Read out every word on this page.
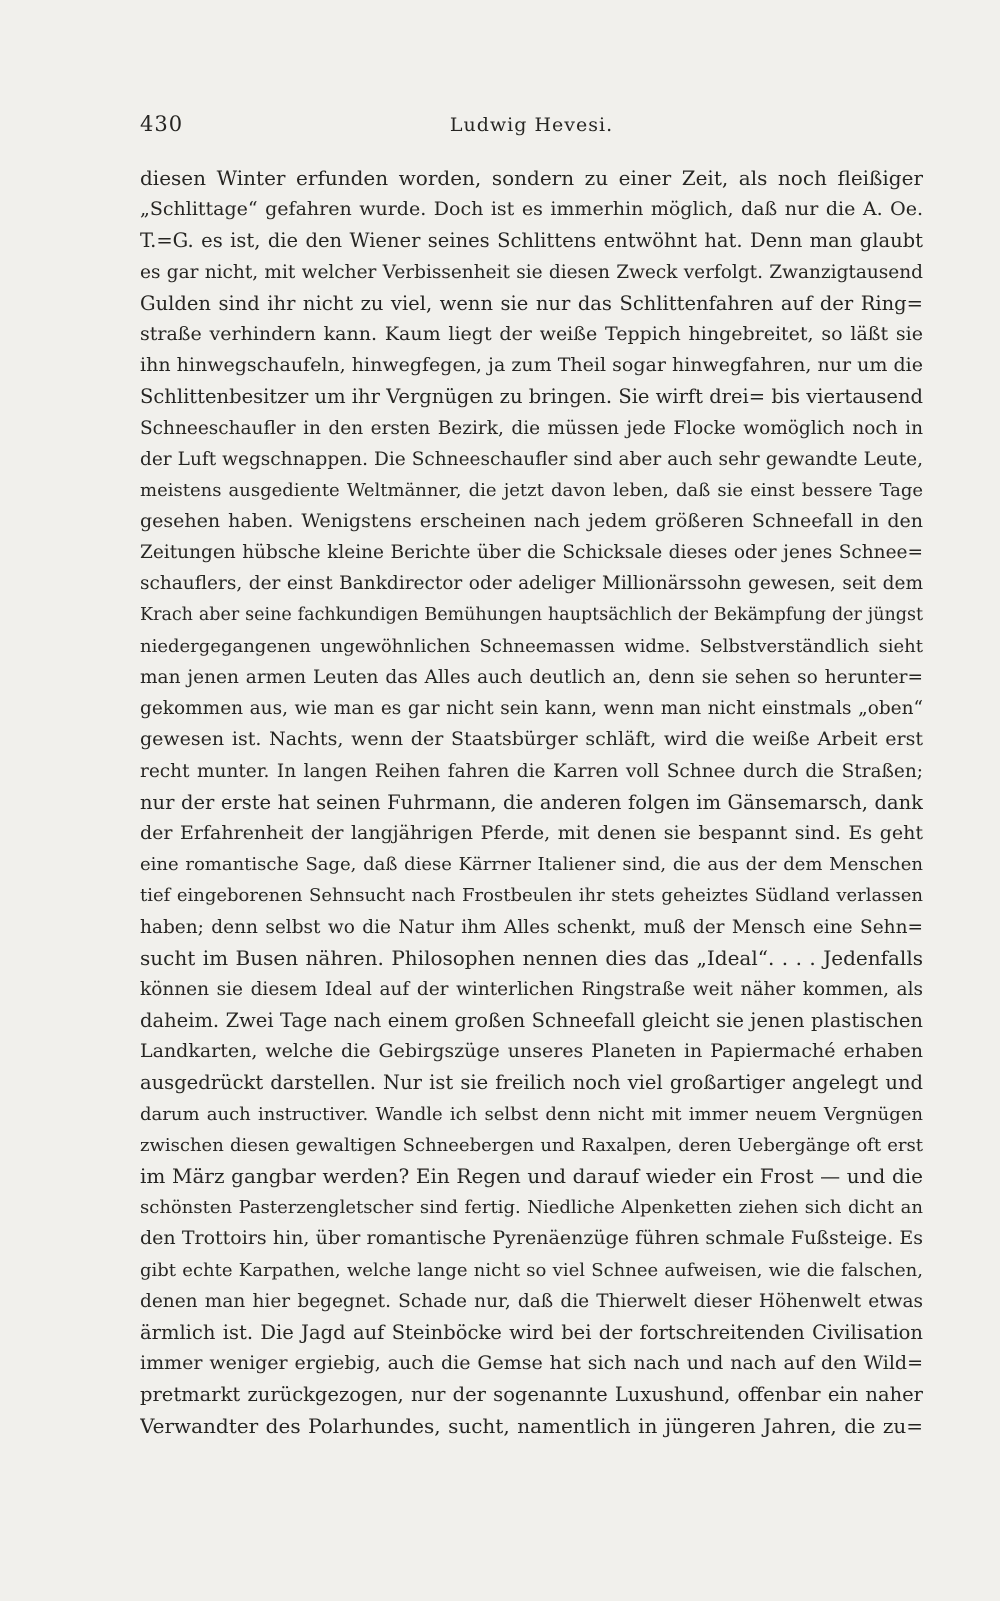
430	Ludwig Hevesi.
diesen Winter erfunden worden, sondern zu einer Zeit, als noch fleißiger
„Schlittage“ gefahren wurde. Doch ist es immerhin möglich, daß nur die A. Oe.
T.=G. es ist, die den Wiener seines Schlittens entwöhnt hat. Denn man glaubt
es gar nicht, mit welcher Verbissenheit sie diesen Zweck verfolgt. Zwanzigtausend
Gulden sind ihr nicht zu viel, wenn sie nur das Schlittenfahren auf der Ring=
straße verhindern kann. Kaum liegt der weiße Teppich hingebreitet, so läßt sie
ihn hinwegschaufeln, hinwegfegen, ja zum Theil sogar hinwegfahren, nur um die
Schlittenbesitzer um ihr Vergnügen zu bringen. Sie wirft drei= bis viertausend
Schneeschaufler in den ersten Bezirk, die müssen jede Flocke womöglich noch in
der Luft wegschnappen. Die Schneeschaufler sind aber auch sehr gewandte Leute,
meistens ausgediente Weltmänner, die jetzt davon leben, daß sie einst bessere Tage
gesehen haben. Wenigstens erscheinen nach jedem größeren Schneefall in den
Zeitungen hübsche kleine Berichte über die Schicksale dieses oder jenes Schnee=
schauflers, der einst Bankdirector oder adeliger Millionärssohn gewesen, seit dem
Krach aber seine fachkundigen Bemühungen hauptsächlich der Bekämpfung der jüngst
niedergegangenen ungewöhnlichen Schneemassen widme. Selbstverständlich sieht
man jenen armen Leuten das Alles auch deutlich an, denn sie sehen so herunter=
gekommen aus, wie man es gar nicht sein kann, wenn man nicht einstmals „oben“
gewesen ist. Nachts, wenn der Staatsbürger schläft, wird die weiße Arbeit erst
recht munter. In langen Reihen fahren die Karren voll Schnee durch die Straßen;
nur der erste hat seinen Fuhrmann, die anderen folgen im Gänsemarsch, dank
der Erfahrenheit der langjährigen Pferde, mit denen sie bespannt sind. Es geht
eine romantische Sage, daß diese Kärrner Italiener sind, die aus der dem Menschen
tief eingeborenen Sehnsucht nach Frostbeulen ihr stets geheiztes Südland verlassen
haben; denn selbst wo die Natur ihm Alles schenkt, muß der Mensch eine Sehn=
sucht im Busen nähren. Philosophen nennen dies das „Ideal“. . . . Jedenfalls
können sie diesem Ideal auf der winterlichen Ringstraße weit näher kommen, als
daheim. Zwei Tage nach einem großen Schneefall gleicht sie jenen plastischen
Landkarten, welche die Gebirgszüge unseres Planeten in Papiermaché erhaben
ausgedrückt darstellen. Nur ist sie freilich noch viel großartiger angelegt und
darum auch instructiver. Wandle ich selbst denn nicht mit immer neuem Vergnügen
zwischen diesen gewaltigen Schneebergen und Raxalpen, deren Uebergänge oft erst
im März gangbar werden? Ein Regen und darauf wieder ein Frost — und die
schönsten Pasterzengletscher sind fertig. Niedliche Alpenketten ziehen sich dicht an
den Trottoirs hin, über romantische Pyrenäenzüge führen schmale Fußsteige. Es
gibt echte Karpathen, welche lange nicht so viel Schnee aufweisen, wie die falschen,
denen man hier begegnet. Schade nur, daß die Thierwelt dieser Höhenwelt etwas
ärmlich ist. Die Jagd auf Steinböcke wird bei der fortschreitenden Civilisation
immer weniger ergiebig, auch die Gemse hat sich nach und nach auf den Wild=
pretmarkt zurückgezogen, nur der sogenannte Luxushund, offenbar ein naher
Verwandter des Polarhundes, sucht, namentlich in jüngeren Jahren, die zu=
